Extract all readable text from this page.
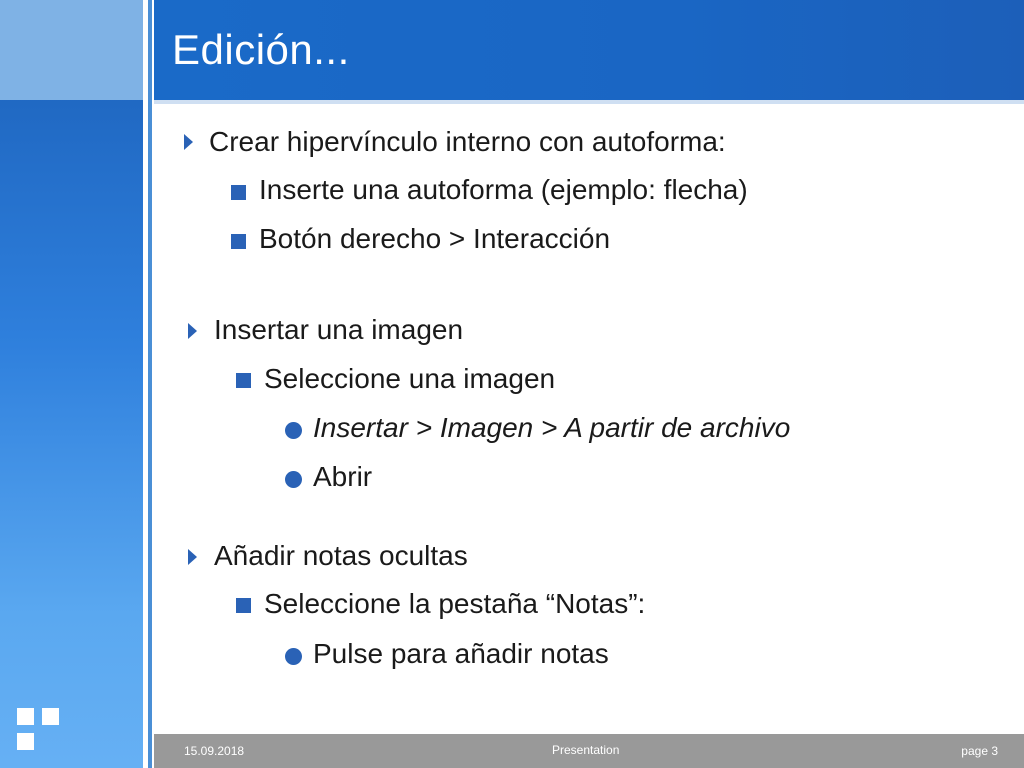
Edición...
Crear hipervínculo interno con autoforma:
Inserte una autoforma (ejemplo: flecha)
Botón derecho > Interacción
Insertar una imagen
Seleccione una imagen
Insertar > Imagen > A partir de archivo
Abrir
Añadir notas ocultas
Seleccione la pestaña “Notas”:
Pulse para añadir notas
15.09.2018	Presentation	page 3
